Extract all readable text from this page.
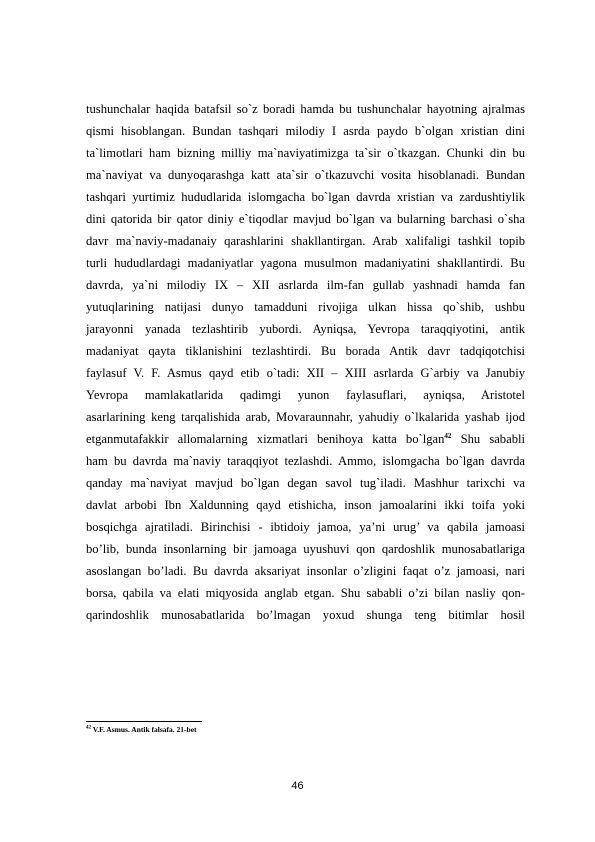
tushunchalar haqida batafsil so`z boradi hamda bu tushunchalar hayotning ajralmas
qismi hisoblangan. Bundan tashqari milodiy I asrda paydo b`olgan xristian dini
ta`limotlari ham bizning milliy ma`naviyatimizga ta`sir o`tkazgan. Chunki din bu
ma`naviyat va dunyoqarashga katt ata`sir o`tkazuvchi vosita hisoblanadi. Bundan
tashqari yurtimiz hududlarida islomgacha bo`lgan davrda xristian va zardushtiylik
dini qatorida bir qator diniy e`tiqodlar mavjud bo`lgan va bularning barchasi o`sha
davr ma`naviy-madanaiy qarashlarini shakllantirgan. Arab xalifaligi tashkil topib
turli hududlardagi madaniyatlar yagona musulmon madaniyatini shakllantirdi. Bu
davrda, ya`ni milodiy IX – XII asrlarda ilm-fan gullab yashnadi hamda fan
yutuqlarining natijasi dunyo tamadduni rivojiga ulkan hissa qo`shib, ushbu
jarayonni yanada tezlashtirib yubordi. Ayniqsa, Yevropa taraqqiyotini, antik
madaniyat qayta tiklanishini tezlashtirdi. Bu borada Antik davr tadqiqotchisi
faylasuf V. F. Asmus qayd etib o`tadi: XII – XIII asrlarda G`arbiy va Janubiy
Yevropa mamlakatlarida qadimgi yunon faylasuflari, ayniqsa, Aristotel
asarlarining keng tarqalishida arab, Movaraunnahr, yahudiy o`lkalarida yashab ijod
etganmutafakkir allomalarning xizmatlari benihoya katta bo`lgan$^{42}$ Shu sababli
ham bu davrda ma`naviy taraqqiyot tezlashdi. Ammo, islomgacha bo`lgan davrda
qanday ma`naviyat mavjud bo`lgan degan savol tug`iladi. Mashhur tarixchi va
davlat arbobi Ibn Xaldunning qayd etishicha, inson jamoalarini ikki toifa yoki
bosqichga ajratiladi. Birinchisi - ibtidoiy jamoa, ya’ni urug’ va qabila jamoasi
bo’lib, bunda insonlarning bir jamoaga uyushuvi qon qardoshlik munosabatlariga
asoslangan bo’ladi. Bu davrda aksariyat insonlar o’zligini faqat o’z jamoasi, nari
borsa, qabila va elati miqyosida anglab etgan. Shu sababli o’zi bilan nasliy qon-
qarindoshlik munosabatlarida bo’lmagan yoxud shunga teng bitimlar hosil
$^{42}$ V.F. Asmus. Antik falsafa. 21-bet
46
